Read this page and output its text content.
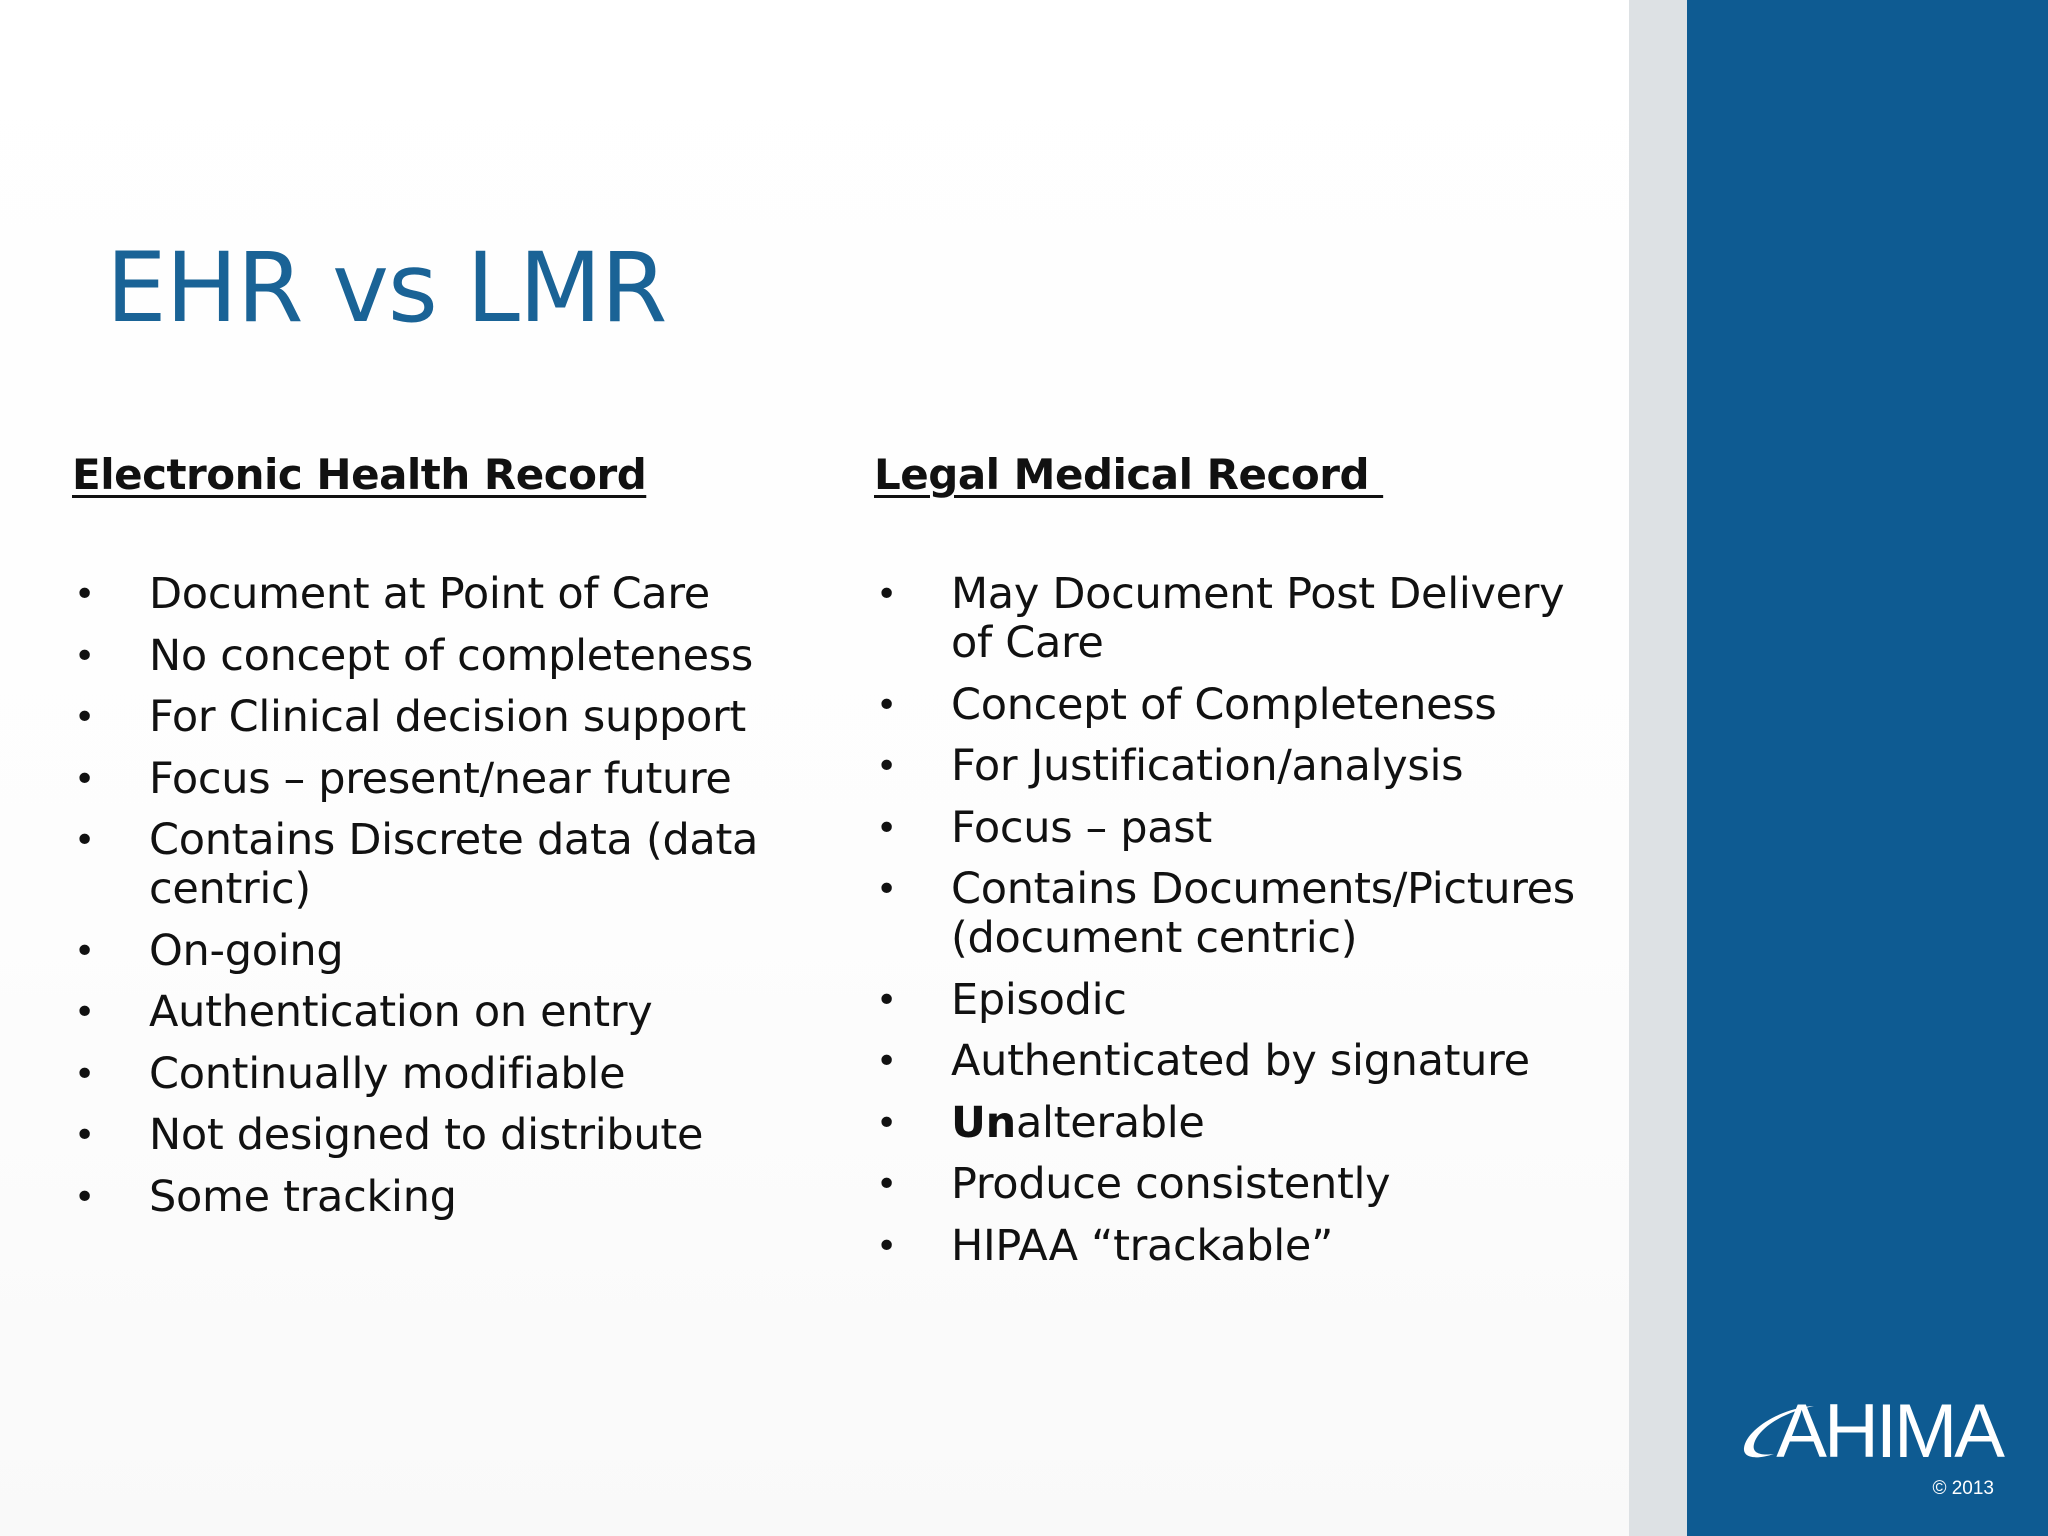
EHR vs LMR
Electronic Health Record
• Document at Point of Care
• No concept of completeness
• For Clinical decision support
• Focus – present/near future
• Contains Discrete data (data centric)
• On-going
• Authentication on entry
• Continually modifiable
• Not designed to distribute
• Some tracking
Legal Medical Record
• May Document Post Delivery of Care
• Concept of Completeness
• For Justification/analysis
• Focus – past
• Contains Documents/Pictures (document centric)
• Episodic
• Authenticated by signature
• Unalterable
• Produce consistently
• HIPAA “trackable”
AHIMA
© 2013
